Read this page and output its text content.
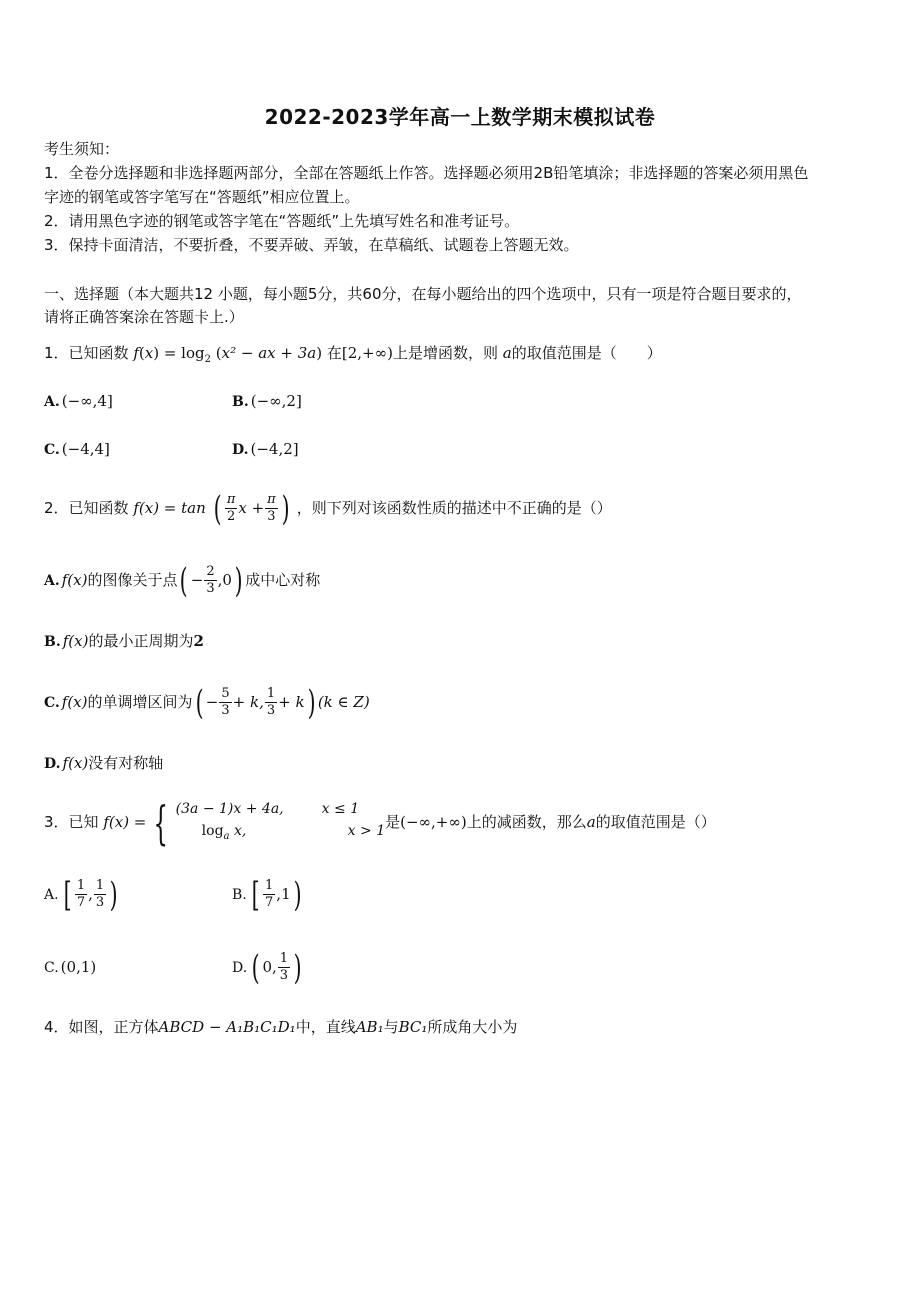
2022-2023学年高一上数学期末模拟试卷
考生须知：
1．全卷分选择题和非选择题两部分，全部在答题纸上作答。选择题必须用2B铅笔填涂；非选择题的答案必须用黑色
字迹的钢笔或答字笔写在“答题纸”相应位置上。
2．请用黑色字迹的钢笔或答字笔在“答题纸”上先填写姓名和准考证号。
3．保持卡面清洁，不要折叠，不要弄破、弄皱，在草稿纸、试题卷上答题无效。
一、选择题（本大题共12 小题，每小题5分，共60分，在每小题给出的四个选项中，只有一项是符合题目要求的，
请将正确答案涂在答题卡上.）
1．已知函数 $f(x) = \log_2 (x^2$ − ax + 3a) 在[2,+∞)上是增函数，则 a的取值范围是（　　）
A. (−∞,4]	B. (−∞,2]
C. (−4,4]	D. (−4,2]
2．已知函数 f(x) = tan ( $\frac{\pi}{2}$ $x + \frac{\pi}{3}$ ) ，则下列对该函数性质的描述中不正确的是（）
A. f(x)的图像关于点( − $\frac{2}{3} ,0$) 成中心对称
B. f(x)的最小正周期为2
C. f(x)的单调增区间为( − $\frac{5}{3} + k$, $\frac{1}{3} + k$) (k ∈ Z)
D. f(x)没有对称轴
3．已知 f(x) = { (3a − 1)x + 4a,	x ≤ 1
$\log_a x$,	x > 1 是(−∞,+∞)上的减函数，那么a的取值范围是（）
A. [ $\frac{1}{7}$ , $\frac{1}{3}$ )	B. [ $\frac{1}{7} ,1$)
C. (0,1)	D. ( 0, $\frac{1}{3}$ )
4．如图，正方体ABCD − A₁B₁C₁D₁中，直线AB₁与BC₁所成角大小为
